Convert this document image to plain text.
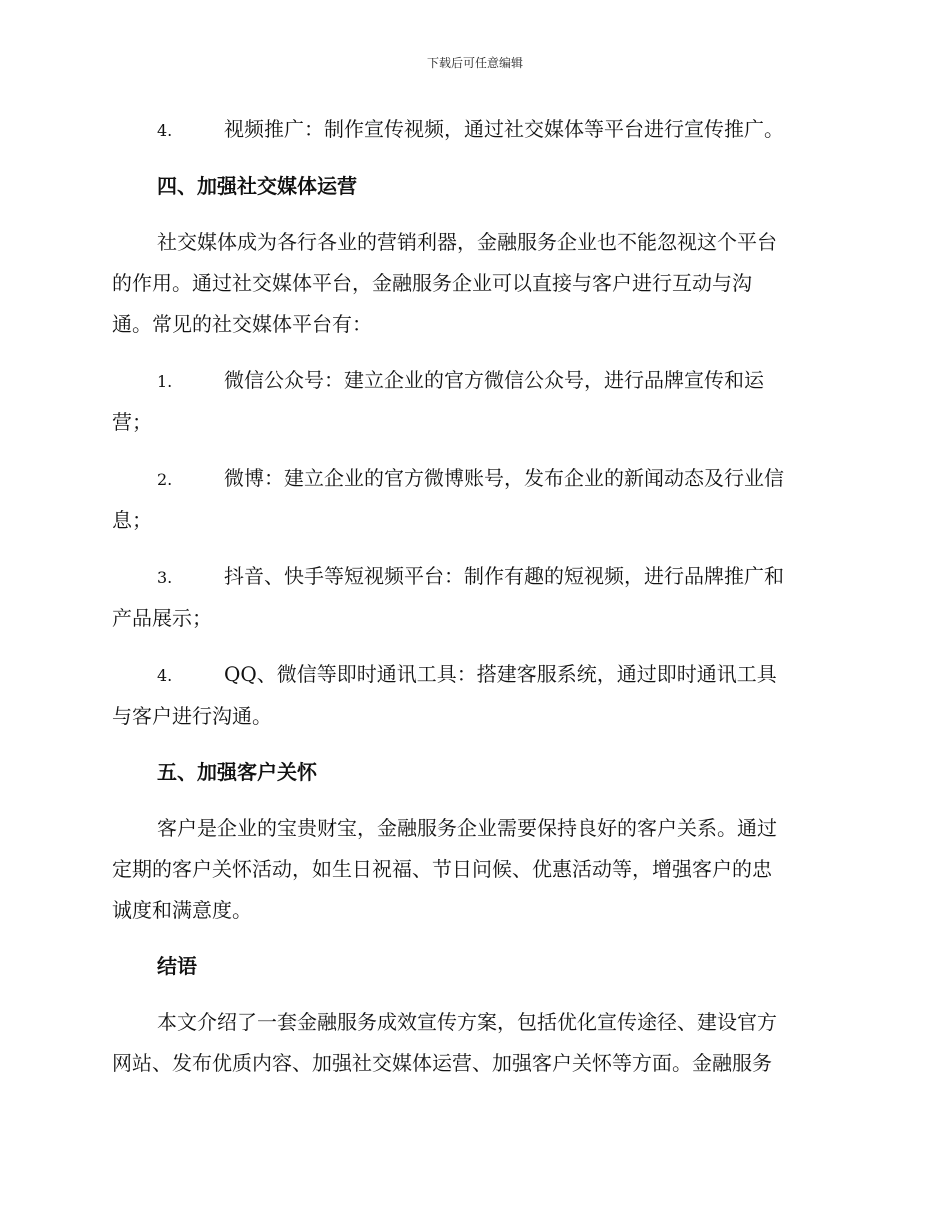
下载后可任意编辑
4.	视频推广：制作宣传视频，通过社交媒体等平台进行宣传推广。
四、加强社交媒体运营
社交媒体成为各行各业的营销利器，金融服务企业也不能忽视这个平台
的作用。通过社交媒体平台，金融服务企业可以直接与客户进行互动与沟
通。常见的社交媒体平台有：
1.	微信公众号：建立企业的官方微信公众号，进行品牌宣传和运
营；
2.	微博：建立企业的官方微博账号，发布企业的新闻动态及行业信
息；
3.	抖音、快手等短视频平台：制作有趣的短视频，进行品牌推广和
产品展示；
4.	QQ、微信等即时通讯工具：搭建客服系统，通过即时通讯工具
与客户进行沟通。
五、加强客户关怀
客户是企业的宝贵财宝，金融服务企业需要保持良好的客户关系。通过
定期的客户关怀活动，如生日祝福、节日问候、优惠活动等，增强客户的忠
诚度和满意度。
结语
本文介绍了一套金融服务成效宣传方案，包括优化宣传途径、建设官方
网站、发布优质内容、加强社交媒体运营、加强客户关怀等方面。金融服务
